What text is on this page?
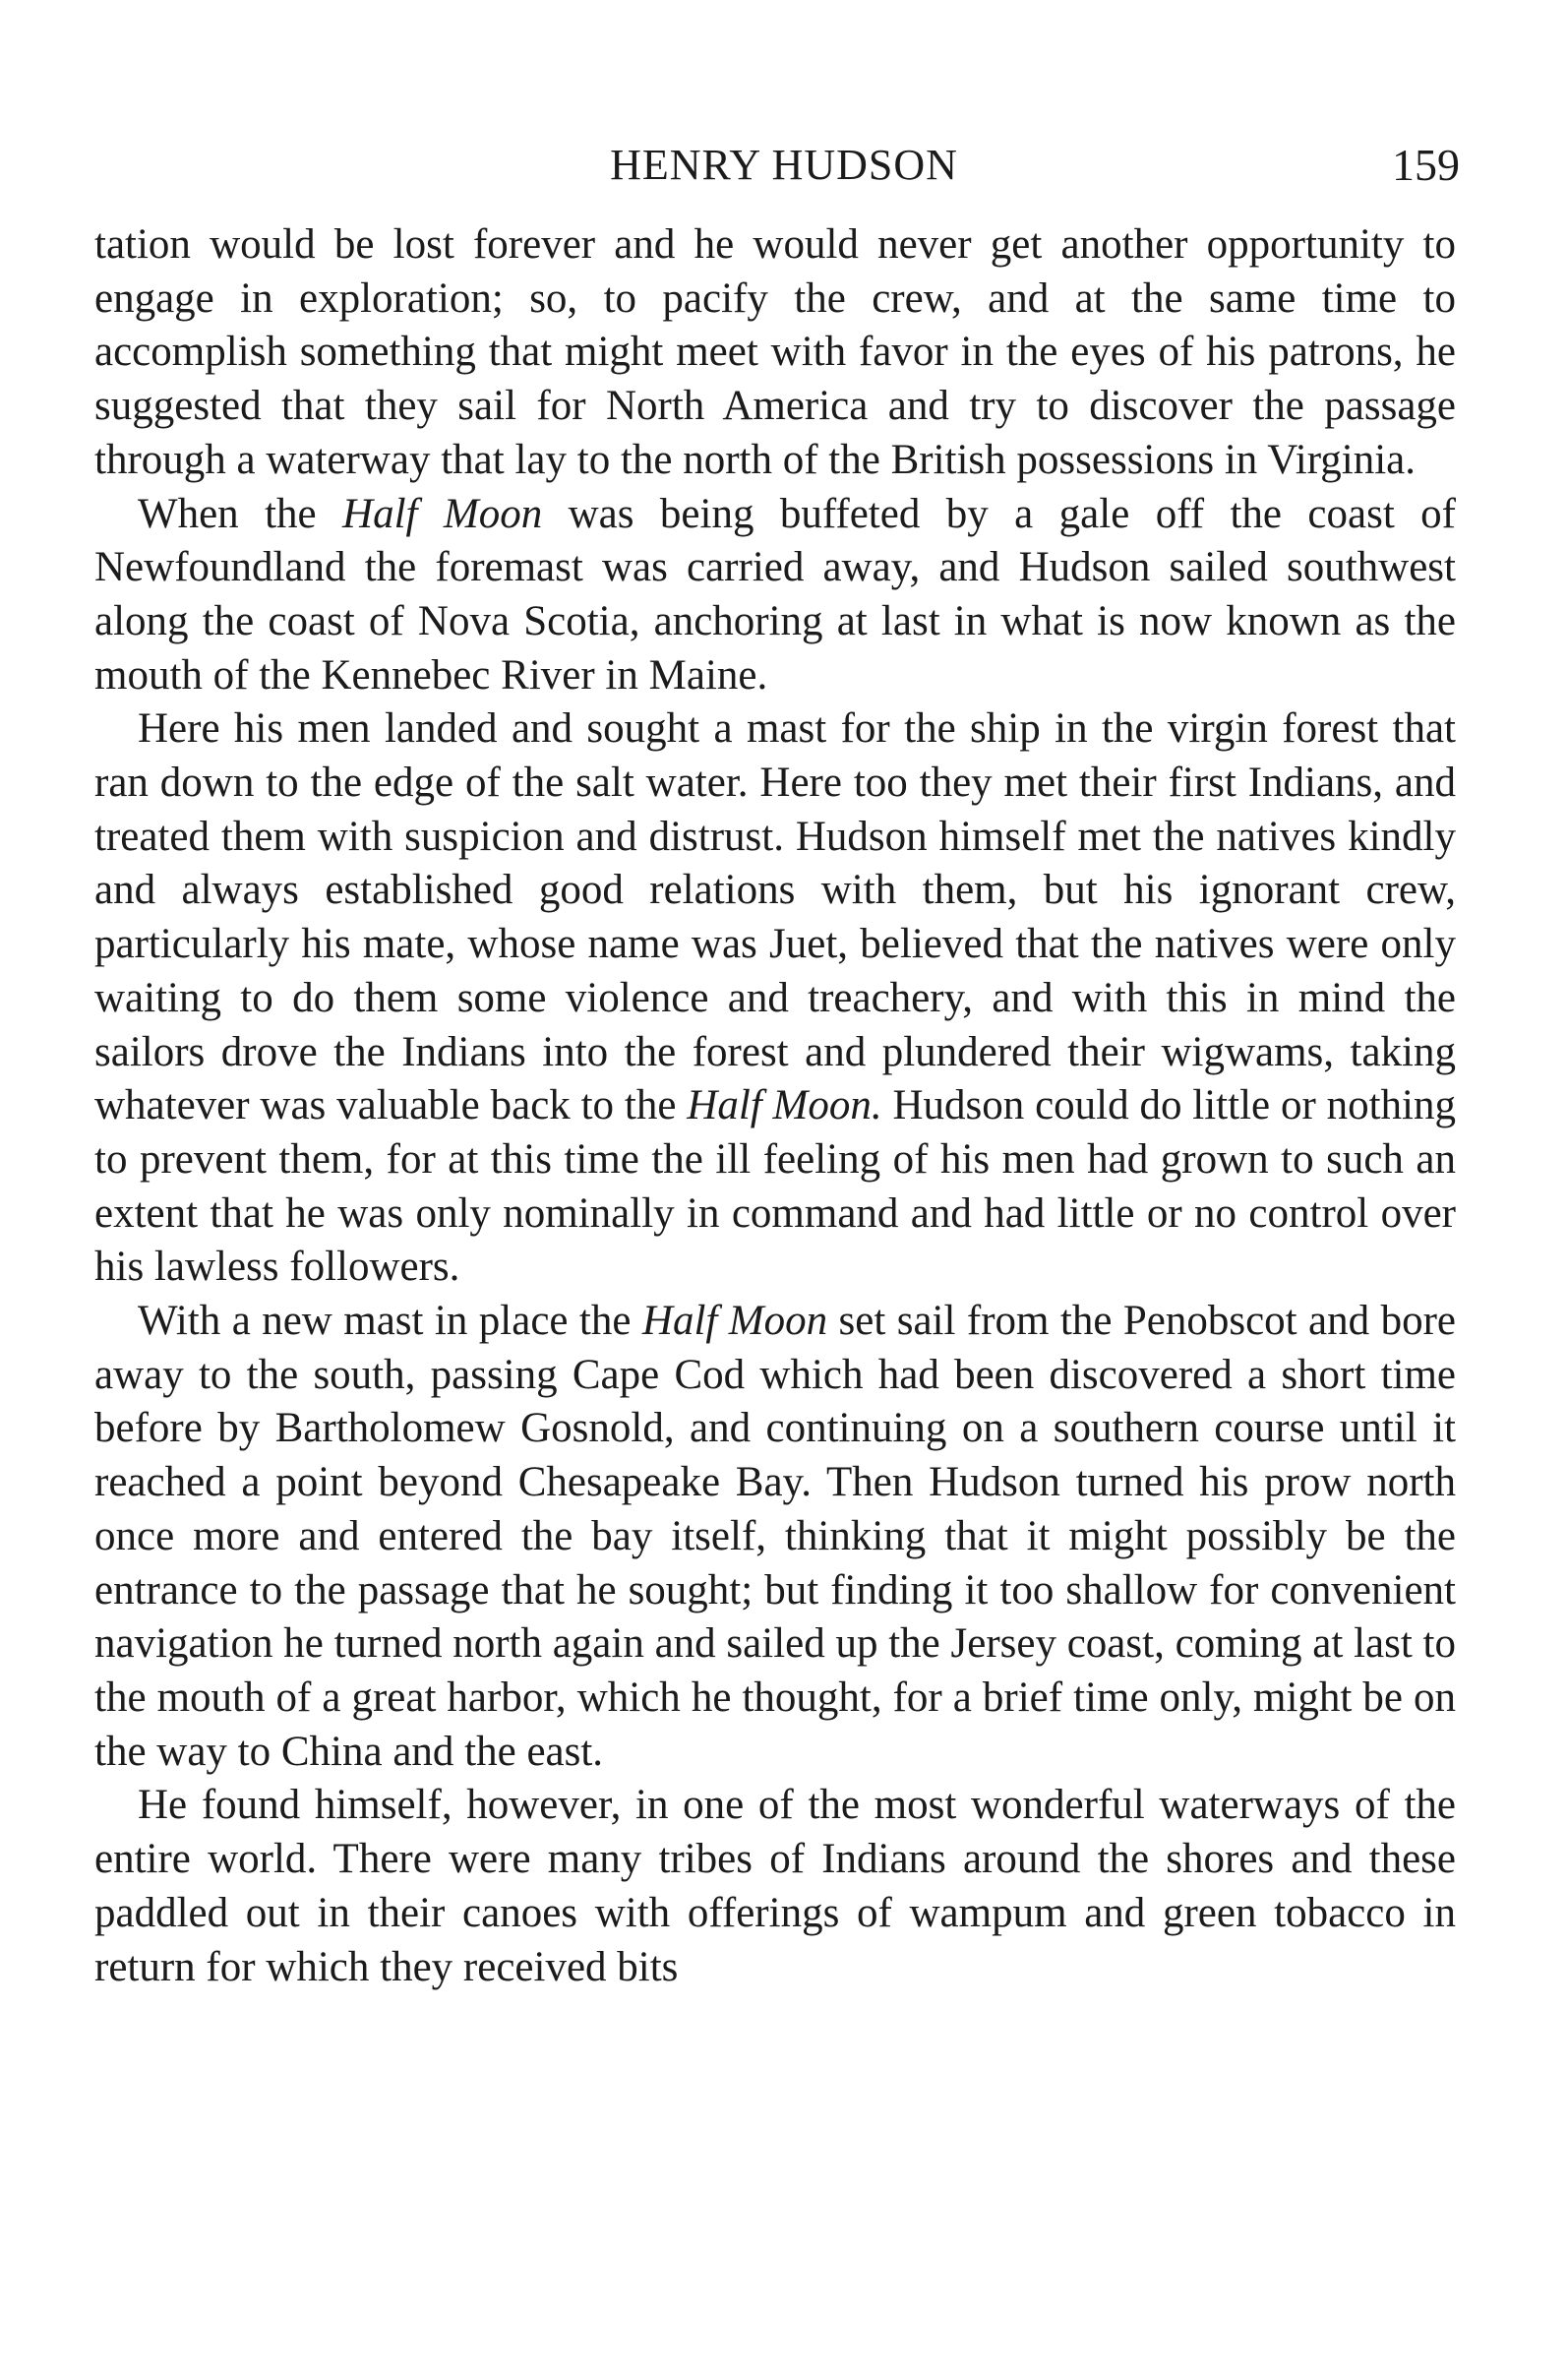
HENRY HUDSON	159

tation would be lost forever and he would never get another opportunity to engage in exploration; so, to pacify the crew, and at the same time to accomplish something that might meet with favor in the eyes of his patrons, he suggested that they sail for North America and try to discover the passage through a waterway that lay to the north of the British possessions in Virginia.

When the Half Moon was being buffeted by a gale off the coast of Newfoundland the foremast was carried away, and Hudson sailed southwest along the coast of Nova Scotia, anchoring at last in what is now known as the mouth of the Kennebec River in Maine.

Here his men landed and sought a mast for the ship in the virgin forest that ran down to the edge of the salt water. Here too they met their first Indians, and treated them with suspicion and distrust. Hudson himself met the natives kindly and always established good relations with them, but his ignorant crew, particularly his mate, whose name was Juet, believed that the natives were only waiting to do them some violence and treachery, and with this in mind the sailors drove the Indians into the forest and plundered their wigwams, taking whatever was valuable back to the Half Moon. Hudson could do little or nothing to prevent them, for at this time the ill feeling of his men had grown to such an extent that he was only nominally in command and had little or no control over his lawless followers.

With a new mast in place the Half Moon set sail from the Penobscot and bore away to the south, passing Cape Cod which had been discovered a short time before by Bartholomew Gosnold, and continuing on a southern course until it reached a point beyond Chesapeake Bay. Then Hudson turned his prow north once more and entered the bay itself, thinking that it might possibly be the entrance to the passage that he sought; but finding it too shallow for convenient navigation he turned north again and sailed up the Jersey coast, coming at last to the mouth of a great harbor, which he thought, for a brief time only, might be on the way to China and the east.

He found himself, however, in one of the most wonderful waterways of the entire world. There were many tribes of Indians around the shores and these paddled out in their canoes with offerings of wampum and green tobacco in return for which they received bits
